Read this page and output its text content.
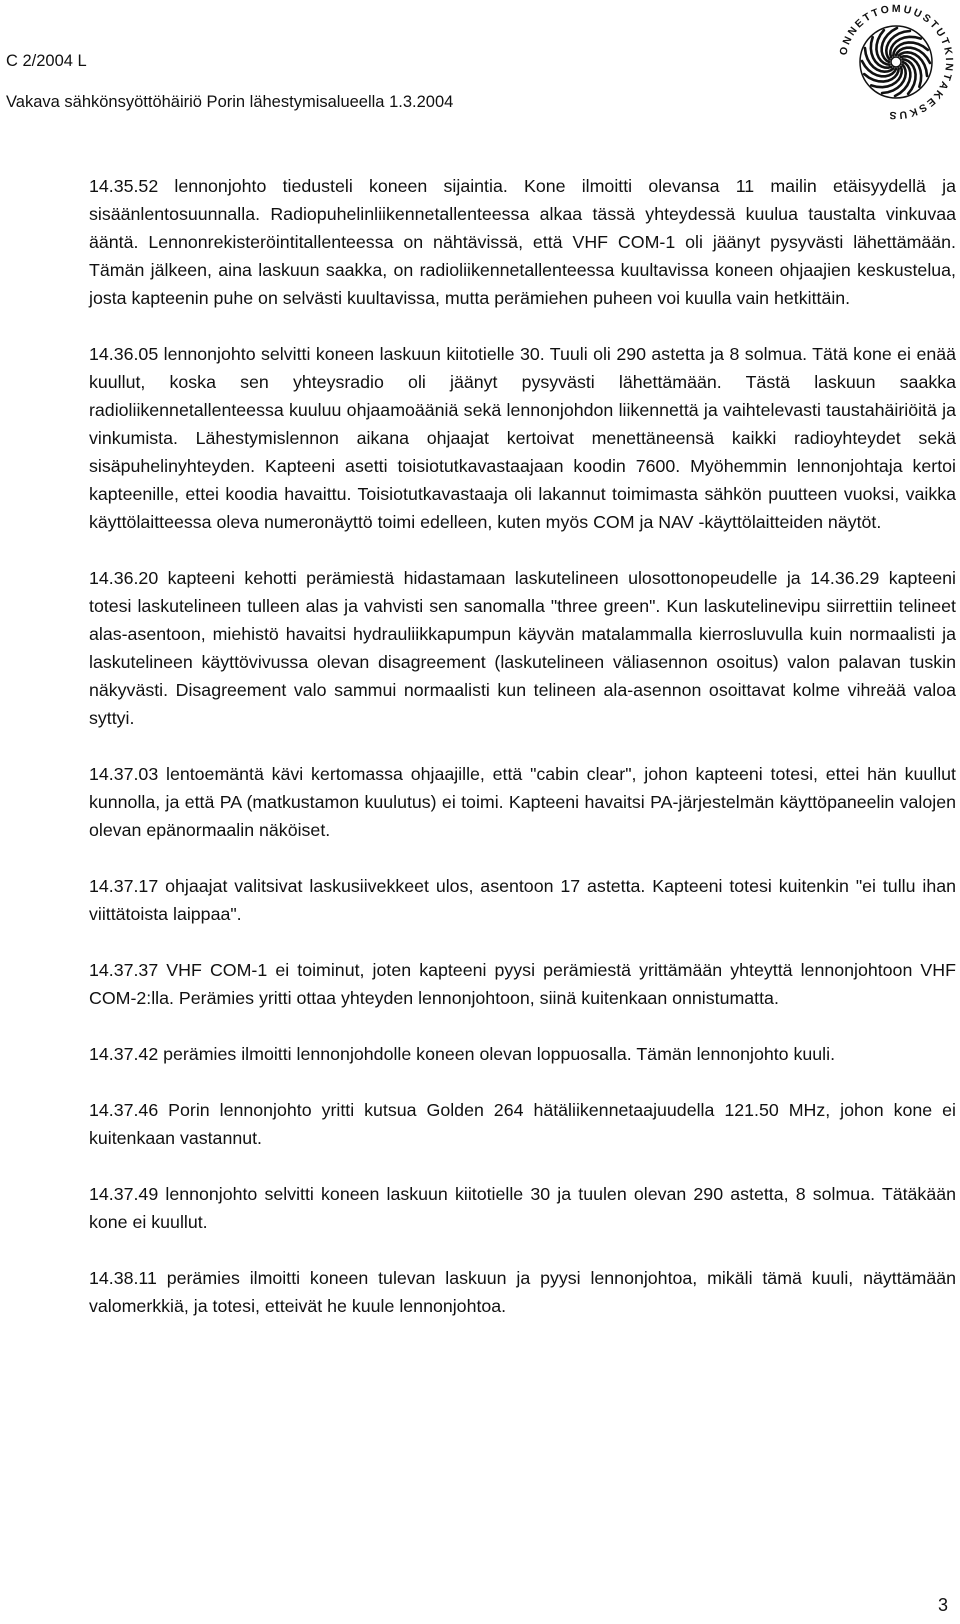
C 2/2004 L
Vakava sähkönsyöttöhäiriö Porin lähestymisalueella 1.3.2004
ONNETTOMUUSTUTKINTAKESKUS

14.35.52 lennonjohto tiedusteli koneen sijaintia. Kone ilmoitti olevansa 11 mailin etäisyydellä ja sisäänlentosuunnalla. Radiopuhelinliikennetallenteessa alkaa tässä yhteydessä kuulua taustalta vinkuvaa ääntä. Lennonrekisteröintitallenteessa on nähtävissä, että VHF COM-1 oli jäänyt pysyvästi lähettämään. Tämän jälkeen, aina laskuun saakka, on radioliikennetallenteessa kuultavissa koneen ohjaajien keskustelua, josta kapteenin puhe on selvästi kuultavissa, mutta perämiehen puheen voi kuulla vain hetkittäin.

14.36.05 lennonjohto selvitti koneen laskuun kiitotielle 30. Tuuli oli 290 astetta ja 8 solmua. Tätä kone ei enää kuullut, koska sen yhteysradio oli jäänyt pysyvästi lähettämään. Tästä laskuun saakka radioliikennetallenteessa kuuluu ohjaamoääniä sekä lennonjohdon liikennettä ja vaihtelevasti taustahäiriöitä ja vinkumista. Lähestymislennon aikana ohjaajat kertoivat menettäneensä kaikki radioyhteydet sekä sisäpuhelinyhteyden. Kapteeni asetti toisiotutkavastaajaan koodin 7600. Myöhemmin lennonjohtaja kertoi kapteenille, ettei koodia havaittu. Toisiotutkavastaaja oli lakannut toimimasta sähkön puutteen vuoksi, vaikka käyttölaitteessa oleva numeronäyttö toimi edelleen, kuten myös COM ja NAV -käyttölaitteiden näytöt.

14.36.20 kapteeni kehotti perämiestä hidastamaan laskutelineen ulosottonopeudelle ja 14.36.29 kapteeni totesi laskutelineen tulleen alas ja vahvisti sen sanomalla "three green". Kun laskutelinevipu siirrettiin telineet alas-asentoon, miehistö havaitsi hydrauliikkapumpun käyvän matalammalla kierrosluvulla kuin normaalisti ja laskutelineen käyttövivussa olevan disagreement (laskutelineen väliasennon osoitus) valon palavan tuskin näkyvästi. Disagreement valo sammui normaalisti kun telineen ala-asennon osoittavat kolme vihreää valoa syttyi.

14.37.03 lentoemäntä kävi kertomassa ohjaajille, että "cabin clear", johon kapteeni totesi, ettei hän kuullut kunnolla, ja että PA (matkustamon kuulutus) ei toimi. Kapteeni havaitsi PA-järjestelmän käyttöpaneelin valojen olevan epänormaalin näköiset.

14.37.17 ohjaajat valitsivat laskusiivekkeet ulos, asentoon 17 astetta. Kapteeni totesi kuitenkin "ei tullu ihan viittätoista laippaa".

14.37.37 VHF COM-1 ei toiminut, joten kapteeni pyysi perämiestä yrittämään yhteyttä lennonjohtoon VHF COM-2:lla. Perämies yritti ottaa yhteyden lennonjohtoon, siinä kuitenkaan onnistumatta.

14.37.42 perämies ilmoitti lennonjohdolle koneen olevan loppuosalla. Tämän lennonjohto kuuli.

14.37.46 Porin lennonjohto yritti kutsua Golden 264 hätäliikennetaajuudella 121.50 MHz, johon kone ei kuitenkaan vastannut.

14.37.49 lennonjohto selvitti koneen laskuun kiitotielle 30 ja tuulen olevan 290 astetta, 8 solmua. Tätäkään kone ei kuullut.

14.38.11 perämies ilmoitti koneen tulevan laskuun ja pyysi lennonjohtoa, mikäli tämä kuuli, näyttämään valomerkkiä, ja totesi, etteivät he kuule lennonjohtoa.

3
